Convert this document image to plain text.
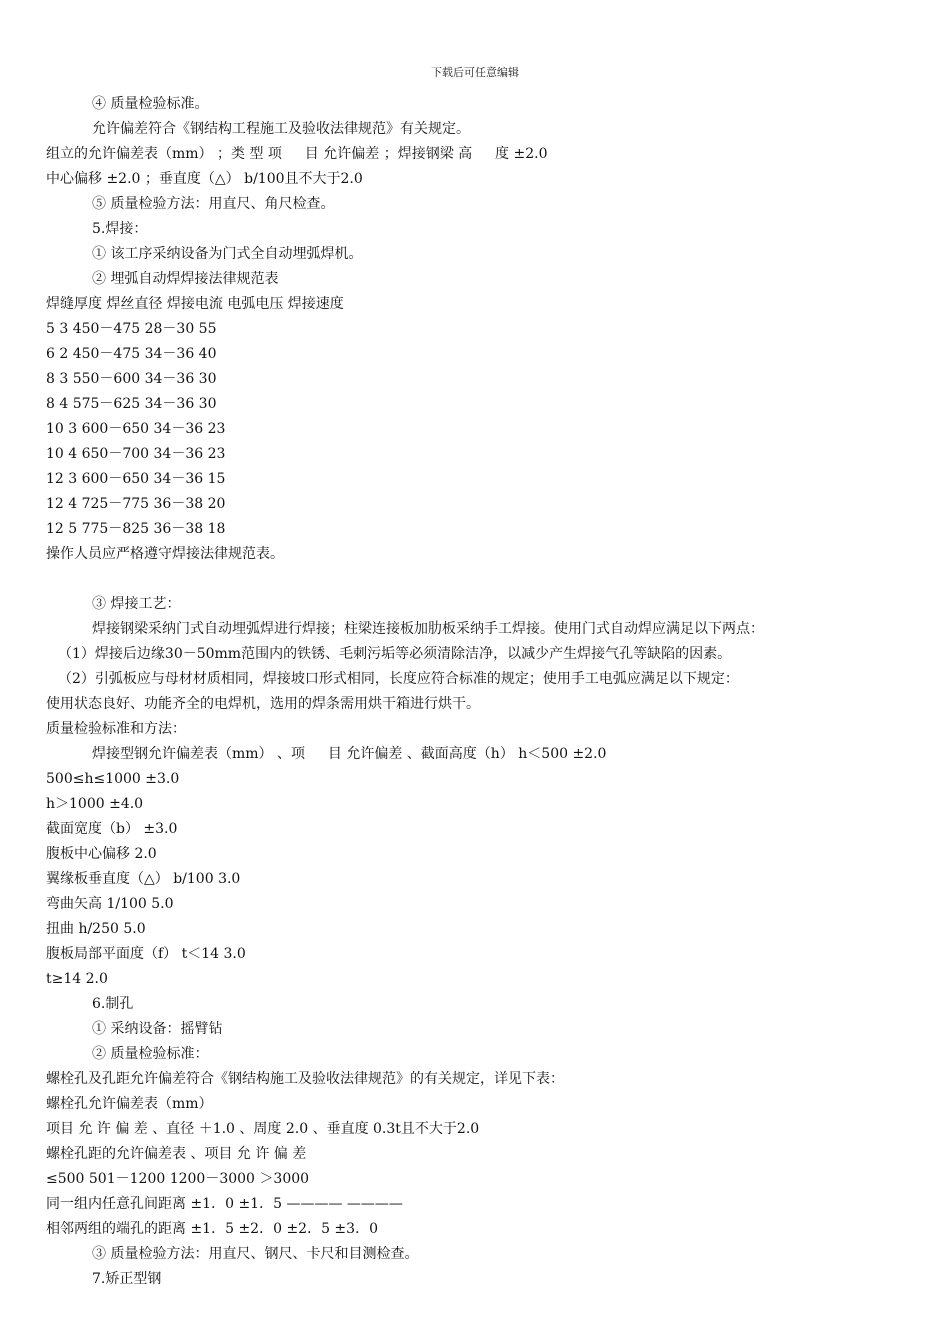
下载后可任意编辑
④ 质量检验标准。
允许偏差符合《钢结构工程施工及验收法律规范》有关规定。
组立的允许偏差表（mm） ；类 型 项 　 目 允许偏差 ；焊接钢梁 高 　 度 ±2.0
中心偏移 ±2.0 ；垂直度（△） b/100且不大于2.0
⑤ 质量检验方法：用直尺、角尺检查。
5.焊接：
① 该工序采纳设备为门式全自动埋弧焊机。
② 埋弧自动焊焊接法律规范表
焊缝厚度 焊丝直径 焊接电流 电弧电压 焊接速度
5 3 450－475 28－30 55
6 2 450－475 34－36 40
8 3 550－600 34－36 30
8 4 575－625 34－36 30
10 3 600－650 34－36 23
10 4 650－700 34－36 23
12 3 600－650 34－36 15
12 4 725－775 36－38 20
12 5 775－825 36－38 18
操作人员应严格遵守焊接法律规范表。
③ 焊接工艺：
焊接钢梁采纳门式自动埋弧焊进行焊接；柱梁连接板加肋板采纳手工焊接。使用门式自动焊应满足以下两点：
（1）焊接后边缘30－50mm范围内的铁锈、毛刺污垢等必须清除洁净，以减少产生焊接气孔等缺陷的因素。
（2）引弧板应与母材材质相同，焊接坡口形式相同，长度应符合标准的规定；使用手工电弧应满足以下规定：
使用状态良好、功能齐全的电焊机，选用的焊条需用烘干箱进行烘干。
质量检验标准和方法：
焊接型钢允许偏差表（mm） 、项 　 目 允许偏差 、截面高度（h） h＜500 ±2.0
500≤h≤1000 ±3.0
h＞1000 ±4.0
截面宽度（b） ±3.0
腹板中心偏移 2.0
翼缘板垂直度（△） b/100 3.0
弯曲矢高 1/100 5.0
扭曲 h/250 5.0
腹板局部平面度（f） t＜14 3.0
t≥14 2.0
6.制孔
① 采纳设备：摇臂钻
② 质量检验标准：
螺栓孔及孔距允许偏差符合《钢结构施工及验收法律规范》的有关规定，详见下表：
螺栓孔允许偏差表（mm）
项目 允 许 偏 差 、直径 ＋1.0 、周度 2.0 、垂直度 0.3t且不大于2.0
螺栓孔距的允许偏差表 、项目 允 许 偏 差
≤500 501－1200 1200－3000 ＞3000
同一组内任意孔间距离 ±1．0 ±1．5 ———— ————
相邻两组的端孔的距离 ±1．5 ±2．0 ±2．5 ±3．0
③ 质量检验方法：用直尺、钢尺、卡尺和目测检查。
7.矫正型钢
